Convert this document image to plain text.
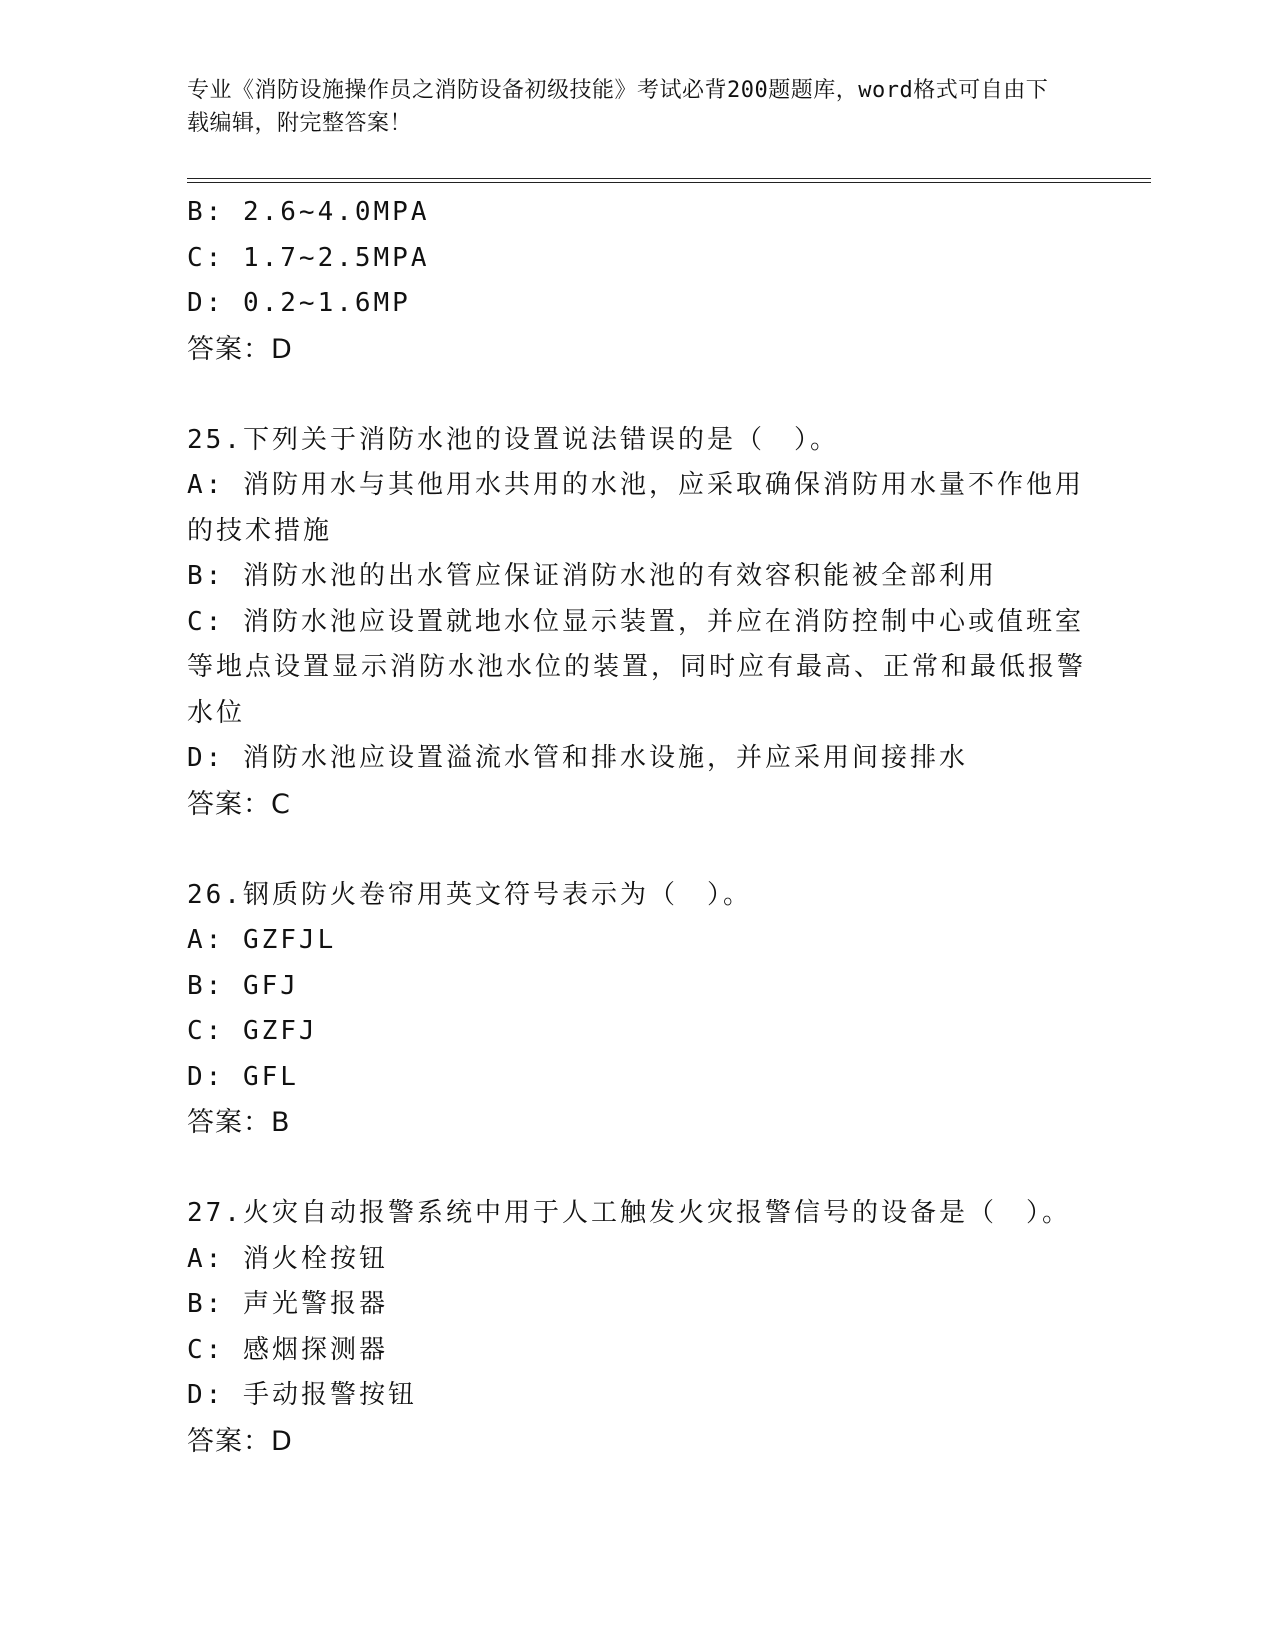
专业《消防设施操作员之消防设备初级技能》考试必背200题题库，word格式可自由下载编辑，附完整答案！
B: 2.6~4.0MPA
C: 1.7~2.5MPA
D: 0.2~1.6MP
答案：D
25.下列关于消防水池的设置说法错误的是（　）。
A: 消防用水与其他用水共用的水池，应采取确保消防用水量不作他用的技术措施
B: 消防水池的出水管应保证消防水池的有效容积能被全部利用
C: 消防水池应设置就地水位显示装置，并应在消防控制中心或值班室等地点设置显示消防水池水位的装置，同时应有最高、正常和最低报警水位
D: 消防水池应设置溢流水管和排水设施，并应采用间接排水
答案：C
26.钢质防火卷帘用英文符号表示为（　）。
A: GZFJL
B: GFJ
C: GZFJ
D: GFL
答案：B
27.火灾自动报警系统中用于人工触发火灾报警信号的设备是（　）。
A: 消火栓按钮
B: 声光警报器
C: 感烟探测器
D: 手动报警按钮
答案：D
